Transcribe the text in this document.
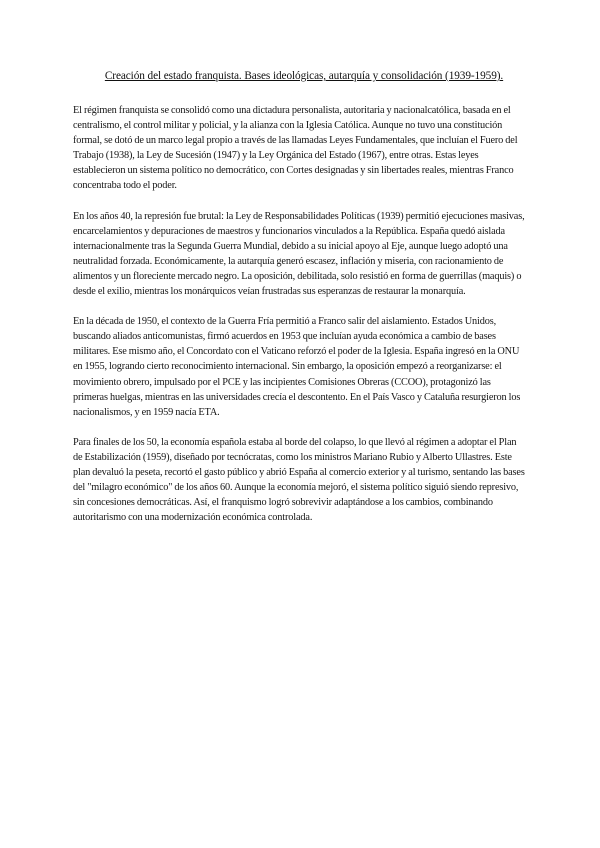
Creación del estado franquista. Bases ideológicas, autarquía y consolidación (1939-1959).

El régimen franquista se consolidó como una dictadura personalista, autoritaria y nacionalcatólica, basada en el centralismo, el control militar y policial, y la alianza con la Iglesia Católica. Aunque no tuvo una constitución formal, se dotó de un marco legal propio a través de las llamadas Leyes Fundamentales, que incluían el Fuero del Trabajo (1938), la Ley de Sucesión (1947) y la Ley Orgánica del Estado (1967), entre otras. Estas leyes establecieron un sistema político no democrático, con Cortes designadas y sin libertades reales, mientras Franco concentraba todo el poder.

En los años 40, la represión fue brutal: la Ley de Responsabilidades Políticas (1939) permitió ejecuciones masivas, encarcelamientos y depuraciones de maestros y funcionarios vinculados a la República. España quedó aislada internacionalmente tras la Segunda Guerra Mundial, debido a su inicial apoyo al Eje, aunque luego adoptó una neutralidad forzada. Económicamente, la autarquía generó escasez, inflación y miseria, con racionamiento de alimentos y un floreciente mercado negro. La oposición, debilitada, solo resistió en forma de guerrillas (maquis) o desde el exilio, mientras los monárquicos veían frustradas sus esperanzas de restaurar la monarquía.

En la década de 1950, el contexto de la Guerra Fría permitió a Franco salir del aislamiento. Estados Unidos, buscando aliados anticomunistas, firmó acuerdos en 1953 que incluían ayuda económica a cambio de bases militares. Ese mismo año, el Concordato con el Vaticano reforzó el poder de la Iglesia. España ingresó en la ONU en 1955, logrando cierto reconocimiento internacional. Sin embargo, la oposición empezó a reorganizarse: el movimiento obrero, impulsado por el PCE y las incipientes Comisiones Obreras (CCOO), protagonizó las primeras huelgas, mientras en las universidades crecía el descontento. En el País Vasco y Cataluña resurgieron los nacionalismos, y en 1959 nacía ETA.

Para finales de los 50, la economía española estaba al borde del colapso, lo que llevó al régimen a adoptar el Plan de Estabilización (1959), diseñado por tecnócratas, como los ministros Mariano Rubio y Alberto Ullastres. Este plan devaluó la peseta, recortó el gasto público y abrió España al comercio exterior y al turismo, sentando las bases del "milagro económico" de los años 60. Aunque la economía mejoró, el sistema político siguió siendo represivo, sin concesiones democráticas. Así, el franquismo logró sobrevivir adaptándose a los cambios, combinando autoritarismo con una modernización económica controlada.
